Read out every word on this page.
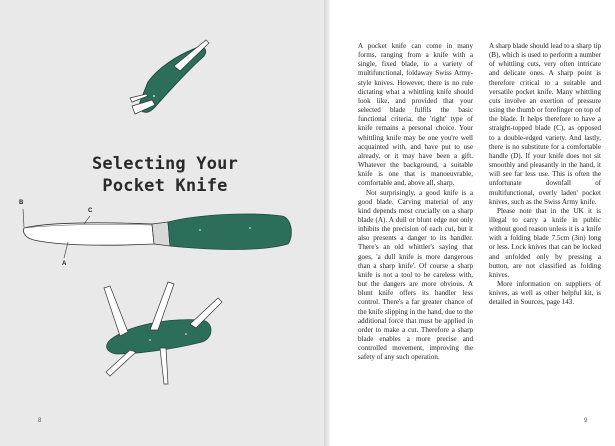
Selecting Your
Pocket Knife
B
C
A
8	9

A pocket knife can come in many forms, ranging from a knife with a single, fixed blade, to a variety of multifunctional, foldaway Swiss Army-style knives. However, there is no rule dictating what a whittling knife should look like, and provided that your selected blade fulfils the basic functional criteria, the 'right' type of knife remains a personal choice. Your whittling knife may be one you're well acquainted with, and have put to use already, or it may have been a gift. Whatever the background, a suitable knife is one that is manoeuvrable, comfortable and, above all, sharp.

Not surprisingly, a good knife is a good blade. Carving material of any kind depends most crucially on a sharp blade (A). A dull or blunt edge not only inhibits the precision of each cut, but it also presents a danger to its handler. There's an old whittler's saying that goes, 'a dull knife is more dangerous than a sharp knife'. Of course a sharp knife is not a tool to be careless with, but the dangers are more obvious. A blunt knife offers its handler less control. There's a far greater chance of the knife slipping in the hand, due to the additional force that must be applied in order to make a cut. Therefore a sharp blade enables a more precise and controlled movement, improving the safety of any such operation.

A sharp blade should lead to a sharp tip (B), which is used to perform a number of whittling cuts, very often intricate and delicate ones. A sharp point is therefore critical to a suitable and versatile pocket knife. Many whittling cuts involve an exertion of pressure using the thumb or forefinger on top of the blade. It helps therefore to have a straight-topped blade (C), as opposed to a double-edged variety. And lastly, there is no substitute for a comfortable handle (D). If your knife does not sit smoothly and pleasantly in the hand, it will see far less use. This is often the unfortunate downfall of multifunctional, overly laden' pocket knives, such as the Swiss Army knife.

Please note that in the UK it is illegal to carry a knife in public without good reason unless it is a knife with a folding blade 7.5cm (3in) long or less. Lock knives that can be locked and unfolded only by pressing a button, are not classified as folding knives.

More information on suppliers of knives, as well as other helpful kit, is detailed in Sources, page 143.
